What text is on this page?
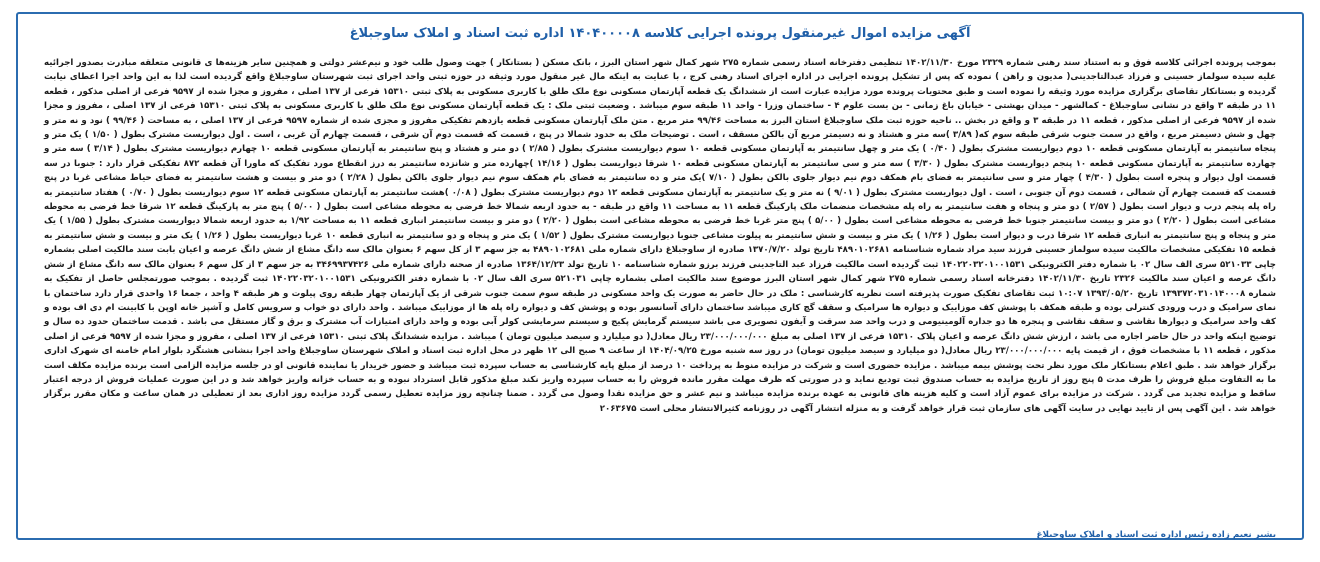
آگهی مزایده اموال غیرمنقول پرونده اجرایی کلاسه ۱۴۰۴۰۰۰۰۸ اداره ثبت اسناد و املاک ساوجبلاغ
بموجب پرونده اجرائی کلاسه فوق و به استناد سند رهنی شماره ۲۳۲۹ مورخ ۱۴۰۲/۱۱/۳۰ تنظیمی دفترخانه اسناد رسمی شماره ۲۷۵ شهر کمال شهر استان البرز ، بانک مسکن ( بستانکار ) جهت وصول طلب خود و نیم‌عشر دولتی و همچنین سایر هزینه‌ها ی قانونی متعلقه مبادرت بصدور اجرائیه علیه سیده سولماز حسینی و فرزاد عبدالتاجدینی( مدیون و راهن ) نموده که پس از تشکیل پرونده اجرایی در اداره اجرای اسناد رهنی کرج ، با عنایت به اینکه مال غیر منقول مورد وثیقه در حوزه ثبتی واحد اجرای ثبت شهرستان ساوجبلاغ واقع گردیده است لذا به این واحد اجرا اعطای نیابت گردیده و بستانکار تقاضای برگزاری مزایده مورد وثیقه را نموده است و طبق محتویات پرونده مورد مزایده عبارت است از ششدانگ یک قطعه آپارتمان مسکونی نوع ملک طلق با کاربری مسکونی به پلاک ثبتی ۱۵۳۱۰ فرعی از ۱۳۷ اصلی ، مفروز و مجزا شده از ۹۵۹۷ فرعی از اصلی مذکور ، قطعه ۱۱ در طبقه ۳ واقع در نشانی ساوجبلاغ - کمالشهر - میدان بهشتی - خیابان باغ زمانی - بن بست علوم ۴ - ساختمان وزرا - واحد ۱۱ طبقه سوم میباشد . وضعیت ثبتی ملک : یک قطعه آپارتمان مسکونی نوع ملک طلق با کاربری مسکونی به پلاک ثبتی ۱۵۳۱۰ فرعی از ۱۳۷ اصلی ، مفروز و مجزا شده از ۹۵۹۷ فرعی از اصلی مذکور ، قطعه ۱۱ در طبقه ۳ و واقع در بخش .. ناحیه حوزه ثبت ملک ساوجبلاغ استان البرز به مساحت ۹۹/۴۶ متر مربع . متن ملک آپارتمان مسکونی قطعه یازدهم تفکیکی مفروز و مجزی شده از شماره ۹۵۹۷ فرعی از ۱۳۷ اصلی ، به مساحت ( ۹۹/۴۶ ) نود و نه متر و چهل و شش دسیمتر مربع ، واقع در سمت جنوب شرقی طبقه سوم که( ۳/۸۹ )سه متر و هشتاد و نه دسیمتر مربع آن بالکن مسقف ، است . توضیحات ملک به حدود شمالا در پنج ، قسمت که قسمت دوم آن شرقی ، قسمت چهارم آن غربی ، است . اول دیواریست مشترک بطول ( ۱/۵۰ ) یک متر و پنجاه سانتیمتر به آپارتمان مسکونی قطعه ۱۰ دوم دیواریست مشترک بطول ( ۰/۴۰ ) یک متر و چهل سانتیمتر به آپارتمان مسکونی قطعه ۱۰ سوم دیواریست مشترک بطول ( ۲/۸۵ ) دو متر و هشتاد و پنج سانتیمتر به آپارتمان مسکونی قطعه ۱۰ چهارم دیواریست مشترک بطول ( ۳/۱۴ ) سه متر و چهارده سانتیمتر به آپارتمان مسکونی قطعه ۱۰ پنجم دیواریست مشترک بطول ( ۳/۳۰ ) سه متر و سی سانتیمتر به آپارتمان مسکونی قطعه ۱۰ شرقا دیواریست بطول ( ۱۴/۱۶ )چهارده متر و شانزده سانتیمتر به درز انقطاع مورد تفکیک که ماورا آن قطعه ۸۷۲ تفکیکی قرار دارد : جنوبا در سه قسمت اول دیوار و پنجره است بطول ( ۴/۳۰ ) چهار متر و سی سانتیمتر به فضای بام همکف دوم نیم دیوار جلوی بالکن بطول ( ۷/۱۰ )یک متر و ده سانتیمتر به فضای بام همکف سوم نیم دیوار جلوی بالکن بطول ( ۲/۲۸ ) دو متر و بیست و هشت سانتیمتر به فضای حیاط مشاعی غربا در پنج قسمت که قسمت چهارم آن شمالی ، قسمت دوم آن جنوبی ، است . اول دیواریست مشترک بطول ( ۹/۰۱ ) نه متر و یک سانتیمتر به آپارتمان مسکونی قطعه ۱۲ دوم دیواریست مشترک بطول ( ۰/۰۸ )هشت سانتیمتر به آپارتمان مسکونی قطعه ۱۲ سوم دیواریست بطول ( ۰/۷۰ ) هفتاد سانتیمتر به راه پله پنجم درب و دیوار است بطول ( ۲/۵۷ ) دو متر و پنجاه و هفت سانتیمتر به راه پله مشخصات منضمات ملک پارکینگ قطعه ۱۱ به مساحت ۱۱ واقع در طبقه - به حدود اربعه شمالا خط فرضی به محوطه مشاعی است بطول ( ۵/۰۰ ) پنج متر به پارکینگ قطعه ۱۲ شرقا خط فرضی به محوطه مشاعی است بطول ( ۲/۲۰ ) دو متر و بیست سانتیمتر جنوبا خط فرضی به محوطه مشاعی است بطول ( ۵/۰۰ ) پنج متر غربا خط فرضی به محوطه مشاعی است بطول ( ۲/۲۰ ) دو متر و بیست سانتیمتر انباری قطعه ۱۱ به مساحت ۱/۹۲ به حدود اربعه شمالا دیواریست مشترک بطول ( ۱/۵۵ ) یک متر و پنجاه و پنج سانتیمتر به انباری قطعه ۱۲ شرقا درب و دیوار است بطول ( ۱/۲۶ ) یک متر و بیست و شش سانتیمتر به پیلوت مشاعی جنوبا دیواریست مشترک بطول ( ۱/۵۲ ) یک متر و پنجاه و دو سانتیمتر به انباری قطعه ۱۰ غربا دیواریست بطول ( ۱/۲۶ ) یک متر و بیست و شش سانتیمتر به قطعه ۱۵ تفکیکی مشخصات مالکیت سیده سولماز حسینی فرزند سید مراد شماره شناسنامه ۴۸۹۰۱۰۲۶۸۱ تاریخ تولد ۱۳۷۰/۷/۲۰ صادره از ساوجبلاغ دارای شماره ملی ۴۸۹۰۱۰۲۶۸۱ به جز سهم ۳ از کل سهم ۶ بعنوان مالک سه دانگ مشاع از شش دانگ عرصه و اعیان بابت سند مالکیت اصلی بشماره چاپی ۵۲۱۰۳۳ سری الف سال ۰۲ با شماره دفتر الکترونیکی ۱۴۰۲۲۰۳۲۰۱۰۰۱۵۳۱ ثبت گردیده است مالکیت فرزاد عبد التاجدینی فرزند برزو شماره شناسنامه ۱۰ تاریخ تولد ۱۳۶۴/۱۲/۲۳ صادره از صحنه دارای شماره ملی ۳۴۶۹۹۳۷۴۲۶ به جز سهم ۳ از کل سهم ۶ بعنوان مالک سه دانگ مشاع از شش دانگ عرصه و اعیان سند مالکیت ۲۳۲۶ تاریخ ۱۴۰۲/۱۱/۳۰ دفترخانه اسناد رسمی شماره ۲۷۵ شهر کمال شهر استان البرز موضوع سند مالکیت اصلی بشماره چاپی ۵۲۱۰۳۱ سری الف سال ۰۲ با شماره دفتر الکترونیکی ۱۴۰۲۲۰۳۲۰۱۰۰۱۵۳۱ ثبت گردیده . بموجب صورتمجلس حاصل از تفکیک به شماره ۱۳۹۳۷۲۰۳۱۰۱۴۰۰۰۸ تاریخ ۱۳۹۳/۰۵/۲۰ ۱۰:۰۷ ثبت تقاضای تفکیک صورت پذیرفته است نظریه کارشناسی : ملک در حال حاضر به صورت یک واحد مسکونی در طبقه سوم سمت جنوب شرقی از یک آپارتمان چهار طبقه روی پیلوت و هر طبقه ۴ واحد ، جمعا ۱۶ واحدی قرار دارد ساختمان با نمای سرامیک و درب ورودی کنترلی بوده و طبقه همکف با پوشش کف موزاییک و دیواره ها سرامیک و سقف گچ کاری میباشد ساختمان دارای آسانسور بوده و پوشش کف و دیواره راه پله ها از موزاییک میباشد . واحد دارای دو خواب و سرویس کامل و آشپز خانه اوپن با کابینت ام دی اف بوده و کف واحد سرامیک و دیوارها نقاشی و سقف نقاشی و پنجره ها دو جداره آلومینیومی و درب واحد ضد سرقت و آیفون تصویری می باشد سیستم گرمایش پکیج و سیستم سرمایشی کولر آبی بوده و واحد دارای امتیازات آب مشترک و برق و گاز مستقل می باشد . قدمت ساختمان حدود ده سال و توضیح اینکه واحد در حال حاضر اجاره می باشد ، ارزش شش دانگ عرصه و اعیان پلاک ۱۵۳۱۰ فرعی از ۱۳۷ اصلی به مبلغ ۲۳/۰۰۰/۰۰۰/۰۰۰ ریال معادل( دو میلیارد و سیصد میلیون تومان ) میباشد . مزایده ششدانگ پلاک ثبتی ۱۵۳۱۰ فرعی از ۱۳۷ اصلی ، مفروز و مجزا شده از ۹۵۹۷ فرعی از اصلی مذکور ، قطعه ۱۱ با مشخصات فوق ، از قیمت پایه ۲۳/۰۰۰/۰۰۰/۰۰۰ ریال معادل( دو میلیارد و سیصد میلیون تومان) در روز سه شنبه مورخ ۱۴۰۴/۰۹/۲۵ از ساعت ۹ صبح الی ۱۲ ظهر در محل اداره ثبت اسناد و املاک شهرستان ساوجبلاغ واحد اجرا بنشانی هشتگرد بلوار امام خامنه ای شهرک اداری برگزار خواهد شد . طبق اعلام بستانکار ملک مورد نظر تحت پوشش بیمه میباشد . مزایده حضوری است و شرکت در مزایده منوط به پرداخت ۱۰ درصد از مبلغ پایه کارشناسی به حساب سپرده ثبت میباشد و حضور خریدار یا نماینده قانونی او در جلسه مزایده الزامی است برنده مزایده مکلف است ما به التفاوت مبلغ فروش را ظرف مدت ۵ پنج روز از تاریخ مزایده به حساب صندوق ثبت تودیع نماید و در صورتی که ظرف مهلت مقرر مانده فروش را به حساب سپرده واریز نکند مبلغ مذکور قابل استرداد نبوده و به حساب خزانه واریز خواهد شد و در این صورت عملیات فروش از درجه اعتبار ساقط و مزایده تجدید می گردد . شرکت در مزایده برای عموم آزاد است و کلیه هزینه های قانونی به عهده برنده مزایده میباشد و نیم عشر و حق مزایده نقدا وصول می گردد . ضمنا چنانچه روز مزایده تعطیل رسمی گردد مزایده روز اداری بعد از تعطیلی در همان ساعت و مکان مقرر برگزار خواهد شد . این آگهی پس از تایید نهایی در سایت آگهی های سازمان ثبت قرار خواهد گرفت و به منزله انتشار آگهی در روزنامه کثیرالانتشار محلی است ۲۰۶۳۶۷۵
بشیر نعیم زاده رئیس اداره ثبت اسناد و املاک ساوجبلاغ
